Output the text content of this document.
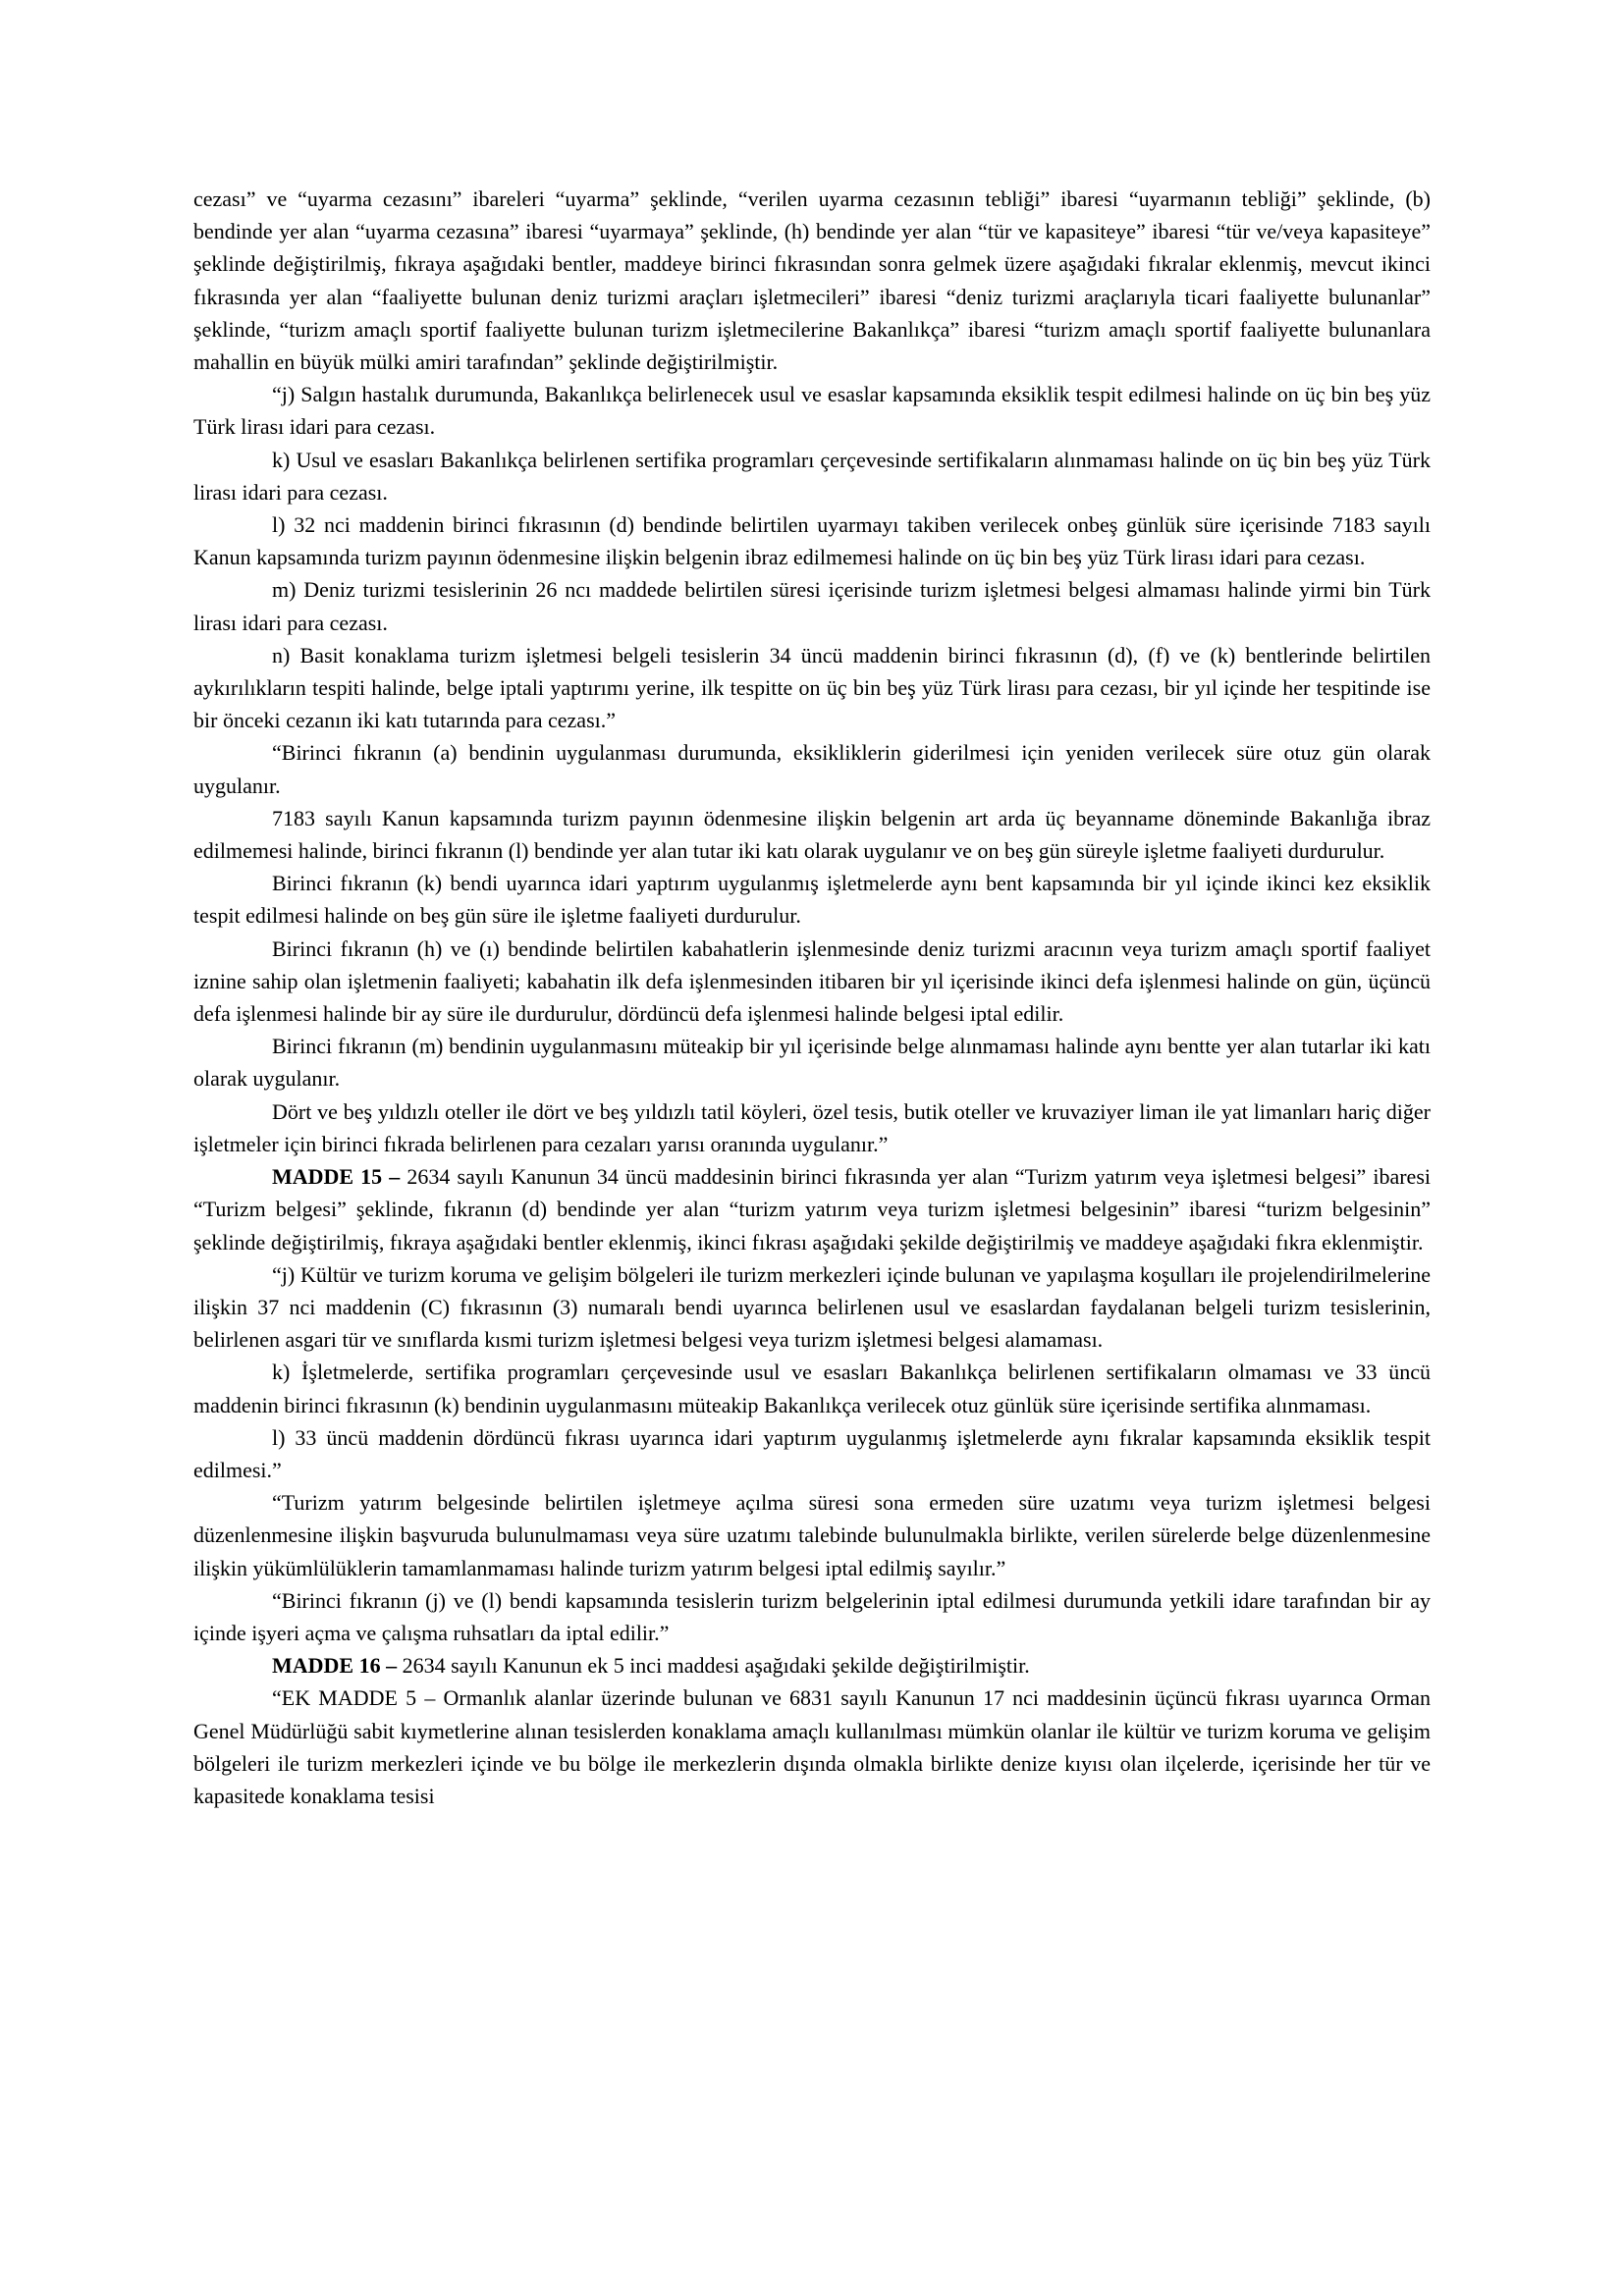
cezası” ve “uyarma cezasını” ibareleri “uyarma” şeklinde, “verilen uyarma cezasının tebliği” ibaresi “uyarmanın tebliği” şeklinde, (b) bendinde yer alan “uyarma cezasına” ibaresi “uyarmaya” şeklinde, (h) bendinde yer alan “tür ve kapasiteye” ibaresi “tür ve/veya kapasiteye” şeklinde değiştirilmiş, fıkraya aşağıdaki bentler, maddeye birinci fıkrasından sonra gelmek üzere aşağıdaki fıkralar eklenmiş, mevcut ikinci fıkrasında yer alan “faaliyette bulunan deniz turizmi araçları işletmecileri” ibaresi “deniz turizmi araçlarıyla ticari faaliyette bulunanlar” şeklinde, “turizm amaçlı sportif faaliyette bulunan turizm işletmecilerine Bakanlıkça” ibaresi “turizm amaçlı sportif faaliyette bulunanlara mahallin en büyük mülki amiri tarafından” şeklinde değiştirilmiştir.

“j) Salgın hastalık durumunda, Bakanlıkça belirlenecek usul ve esaslar kapsamında eksiklik tespit edilmesi halinde on üç bin beş yüz Türk lirası idari para cezası.

k) Usul ve esasları Bakanlıkça belirlenen sertifika programları çerçevesinde sertifikaların alınmaması halinde on üç bin beş yüz Türk lirası idari para cezası.

l) 32 nci maddenin birinci fıkrasının (d) bendinde belirtilen uyarmayı takiben verilecek onbeş günlük süre içerisinde 7183 sayılı Kanun kapsamında turizm payının ödenmesine ilişkin belgenin ibraz edilmemesi halinde on üç bin beş yüz Türk lirası idari para cezası.

m) Deniz turizmi tesislerinin 26 ncı maddede belirtilen süresi içerisinde turizm işletmesi belgesi almaması halinde yirmi bin Türk lirası idari para cezası.

n) Basit konaklama turizm işletmesi belgeli tesislerin 34 üncü maddenin birinci fıkrasının (d), (f) ve (k) bentlerinde belirtilen aykırılıkların tespiti halinde, belge iptali yaptırımı yerine, ilk tespitte on üç bin beş yüz Türk lirası para cezası, bir yıl içinde her tespitinde ise bir önceki cezanın iki katı tutarında para cezası.”

“Birinci fıkranın (a) bendinin uygulanması durumunda, eksikliklerin giderilmesi için yeniden verilecek süre otuz gün olarak uygulanır.

7183 sayılı Kanun kapsamında turizm payının ödenmesine ilişkin belgenin art arda üç beyanname döneminde Bakanlığa ibraz edilmemesi halinde, birinci fıkranın (l) bendinde yer alan tutar iki katı olarak uygulanır ve on beş gün süreyle işletme faaliyeti durdurulur.

Birinci fıkranın (k) bendi uyarınca idari yaptırım uygulanmış işletmelerde aynı bent kapsamında bir yıl içinde ikinci kez eksiklik tespit edilmesi halinde on beş gün süre ile işletme faaliyeti durdurulur.

Birinci fıkranın (h) ve (ı) bendinde belirtilen kabahatlerin işlenmesinde deniz turizmi aracının veya turizm amaçlı sportif faaliyet iznine sahip olan işletmenin faaliyeti; kabahatin ilk defa işlenmesinden itibaren bir yıl içerisinde ikinci defa işlenmesi halinde on gün, üçüncü defa işlenmesi halinde bir ay süre ile durdurulur, dördüncü defa işlenmesi halinde belgesi iptal edilir.

Birinci fıkranın (m) bendinin uygulanmasını müteakip bir yıl içerisinde belge alınmaması halinde aynı bentte yer alan tutarlar iki katı olarak uygulanır.

Dört ve beş yıldızlı oteller ile dört ve beş yıldızlı tatil köyleri, özel tesis, butik oteller ve kruvaziyer liman ile yat limanları hariç diğer işletmeler için birinci fıkrada belirlenen para cezaları yarısı oranında uygulanır.”

MADDE 15 – 2634 sayılı Kanunun 34 üncü maddesinin birinci fıkrasında yer alan “Turizm yatırım veya işletmesi belgesi” ibaresi “Turizm belgesi” şeklinde, fıkranın (d) bendinde yer alan “turizm yatırım veya turizm işletmesi belgesinin” ibaresi “turizm belgesinin” şeklinde değiştirilmiş, fıkraya aşağıdaki bentler eklenmiş, ikinci fıkrası aşağıdaki şekilde değiştirilmiş ve maddeye aşağıdaki fıkra eklenmiştir.

“j) Kültür ve turizm koruma ve gelişim bölgeleri ile turizm merkezleri içinde bulunan ve yapılaşma koşulları ile projelendirilmelerine ilişkin 37 nci maddenin (C) fıkrasının (3) numaralı bendi uyarınca belirlenen usul ve esaslardan faydalanan belgeli turizm tesislerinin, belirlenen asgari tür ve sınıflarda kısmi turizm işletmesi belgesi veya turizm işletmesi belgesi alamaması.

k) İşletmelerde, sertifika programları çerçevesinde usul ve esasları Bakanlıkça belirlenen sertifikaların olmaması ve 33 üncü maddenin birinci fıkrasının (k) bendinin uygulanmasını müteakip Bakanlıkça verilecek otuz günlük süre içerisinde sertifika alınmaması.

l) 33 üncü maddenin dördüncü fıkrası uyarınca idari yaptırım uygulanmış işletmelerde aynı fıkralar kapsamında eksiklik tespit edilmesi.”

“Turizm yatırım belgesinde belirtilen işletmeye açılma süresi sona ermeden süre uzatımı veya turizm işletmesi belgesi düzenlenmesine ilişkin başvuruda bulunulmaması veya süre uzatımı talebinde bulunulmakla birlikte, verilen sürelerde belge düzenlenmesine ilişkin yükümlülüklerin tamamlanmaması halinde turizm yatırım belgesi iptal edilmiş sayılır.”

“Birinci fıkranın (j) ve (l) bendi kapsamında tesislerin turizm belgelerinin iptal edilmesi durumunda yetkili idare tarafından bir ay içinde işyeri açma ve çalışma ruhsatları da iptal edilir.”

MADDE 16 – 2634 sayılı Kanunun ek 5 inci maddesi aşağıdaki şekilde değiştirilmiştir.

“EK MADDE 5 – Ormanlık alanlar üzerinde bulunan ve 6831 sayılı Kanunun 17 nci maddesinin üçüncü fıkrası uyarınca Orman Genel Müdürlüğü sabit kıymetlerine alınan tesislerden konaklama amaçlı kullanılması mümkün olanlar ile kültür ve turizm koruma ve gelişim bölgeleri ile turizm merkezleri içinde ve bu bölge ile merkezlerin dışında olmakla birlikte denize kıyısı olan ilçelerde, içerisinde her tür ve kapasitede konaklama tesisi
